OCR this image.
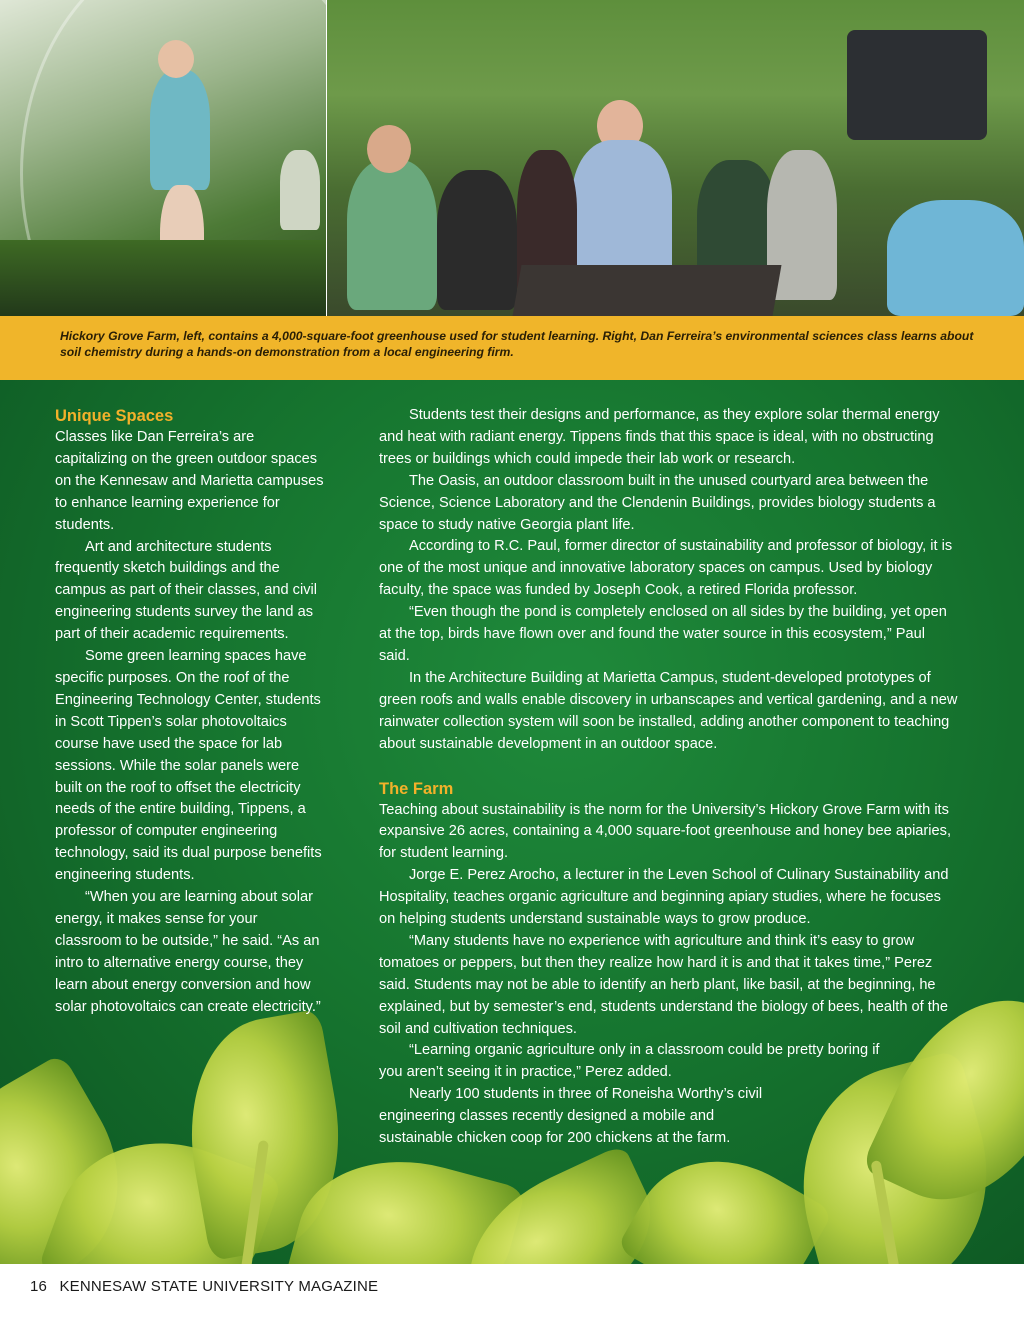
Hickory Grove Farm, left, contains a 4,000-square-foot greenhouse used for student learning. Right, Dan Ferreira’s environmental sciences class learns about soil chemistry during a hands-on demonstration from a local engineering firm.

Unique Spaces

Classes like Dan Ferreira’s are capitalizing on the green outdoor spaces on the Kennesaw and Marietta campuses to enhance learning experience for students.

Art and architecture students frequently sketch buildings and the campus as part of their classes, and civil engineering students survey the land as part of their academic requirements.

Some green learning spaces have specific purposes. On the roof of the Engineering Technology Center, students in Scott Tippen’s solar photovoltaics course have used the space for lab sessions. While the solar panels were built on the roof to offset the electricity needs of the entire building, Tippens, a professor of computer engineering technology, said its dual purpose benefits engineering students.

“When you are learning about solar energy, it makes sense for your classroom to be outside,” he said. “As an intro to alternative energy course, they learn about energy conversion and how solar photovoltaics can create electricity.”

Students test their designs and performance, as they explore solar thermal energy and heat with radiant energy. Tippens finds that this space is ideal, with no obstructing trees or buildings which could impede their lab work or research.

The Oasis, an outdoor classroom built in the unused courtyard area between the Science, Science Laboratory and the Clendenin Buildings, provides biology students a space to study native Georgia plant life.

According to R.C. Paul, former director of sustainability and professor of biology, it is one of the most unique and innovative laboratory spaces on campus. Used by biology faculty, the space was funded by Joseph Cook, a retired Florida professor.

“Even though the pond is completely enclosed on all sides by the building, yet open at the top, birds have flown over and found the water source in this ecosystem,” Paul said.

In the Architecture Building at Marietta Campus, student-developed prototypes of green roofs and walls enable discovery in urbanscapes and vertical gardening, and a new rainwater collection system will soon be installed, adding another component to teaching about sustainable development in an outdoor space.

The Farm

Teaching about sustainability is the norm for the University’s Hickory Grove Farm with its expansive 26 acres, containing a 4,000 square-foot greenhouse and honey bee apiaries, for student learning.

Jorge E. Perez Arocho, a lecturer in the Leven School of Culinary Sustainability and Hospitality, teaches organic agriculture and beginning apiary studies, where he focuses on helping students understand sustainable ways to grow produce.

“Many students have no experience with agriculture and think it’s easy to grow tomatoes or peppers, but then they realize how hard it is and that it takes time,” Perez said. Students may not be able to identify an herb plant, like basil, at the beginning, he explained, but by semester’s end, students understand the biology of bees, health of the soil and cultivation techniques.

“Learning organic agriculture only in a classroom could be pretty boring if you aren’t seeing it in practice,” Perez added.

Nearly 100 students in three of Roneisha Worthy’s civil engineering classes recently designed a mobile and sustainable chicken coop for 200 chickens at the farm.

16 KENNESAW STATE UNIVERSITY MAGAZINE
